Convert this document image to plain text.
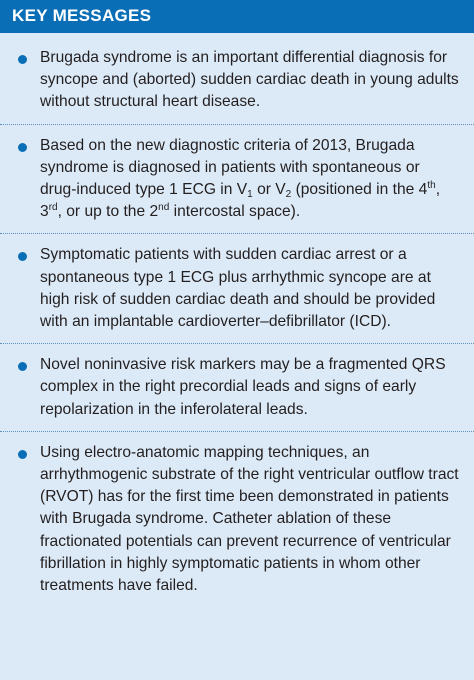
KEY MESSAGES
Brugada syndrome is an important differential diagnosis for syncope and (aborted) sudden cardiac death in young adults without structural heart disease.
Based on the new diagnostic criteria of 2013, Brugada syndrome is diagnosed in patients with spontaneous or drug-induced type 1 ECG in $V_1$ or $V_2$ (positioned in the 4th, 3rd, or up to the 2nd intercostal space).
Symptomatic patients with sudden cardiac arrest or a spontaneous type 1 ECG plus arrhythmic syncope are at high risk of sudden cardiac death and should be provided with an implantable cardioverter–defibrillator (ICD).
Novel noninvasive risk markers may be a fragmented QRS complex in the right precordial leads and signs of early repolarization in the inferolateral leads.
Using electro-anatomic mapping techniques, an arrhythmogenic substrate of the right ventricular outflow tract (RVOT) has for the first time been demonstrated in patients with Brugada syndrome. Catheter ablation of these fractionated potentials can prevent recurrence of ventricular fibrillation in highly symptomatic patients in whom other treatments have failed.
